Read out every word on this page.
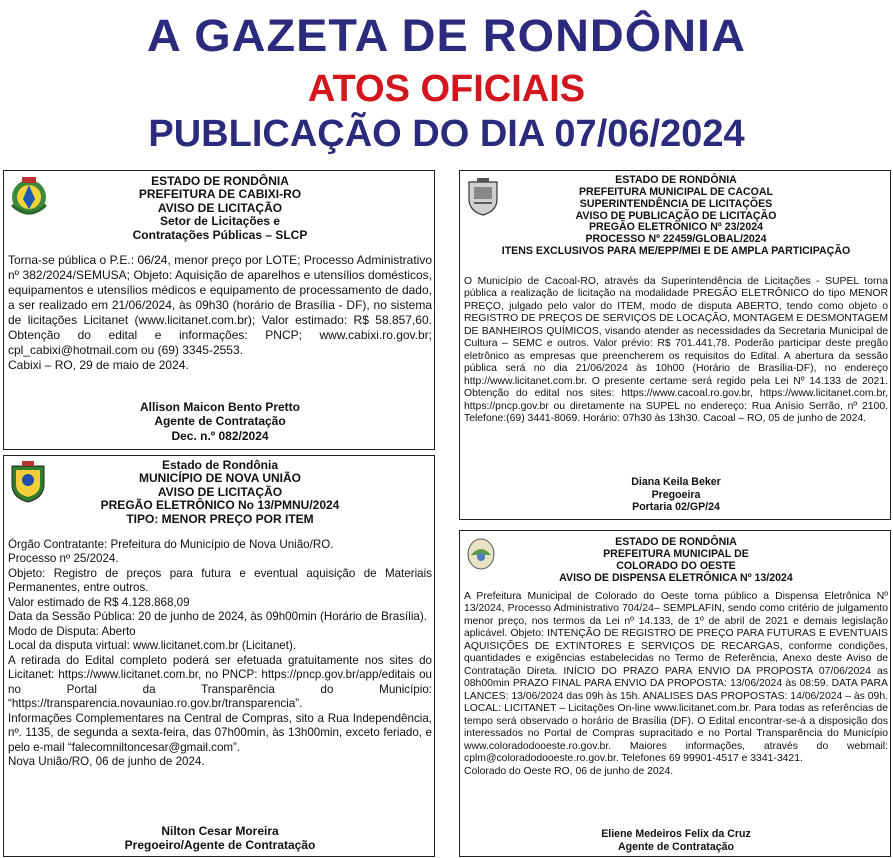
A GAZETA DE RONDÔNIA
ATOS OFICIAIS
PUBLICAÇÃO DO DIA 07/06/2024
ESTADO DE RONDÔNIA
PREFEITURA DE CABIXI-RO
AVISO DE LICITAÇÃO
Setor de Licitações e
Contratações Públicas – SLCP
Torna-se pública o P.E.: 06/24, menor preço por LOTE; Processo Administrativo nº 382/2024/SEMUSA; Objeto: Aquisição de aparelhos e utensílios domésticos, equipamentos e utensílios médicos e equipamento de processamento de dado, a ser realizado em 21/06/2024, às 09h30 (horário de Brasília - DF), no sistema de licitações Licitanet (www.licitanet.com.br); Valor estimado: R$ 58.857,60. Obtenção do edital e informações: PNCP; www.cabixi.ro.gov.br; cpl_cabixi@hotmail.com ou (69) 3345-2553.
Cabixi – RO, 29 de maio de 2024.
Allison Maicon Bento Pretto
Agente de Contratação
Dec. n.º 082/2024
Estado de Rondônia
MUNICÍPIO DE NOVA UNIÃO
AVISO DE LICITAÇÃO
PREGÃO ELETRÔNICO No 13/PMNU/2024
TIPO: MENOR PREÇO POR ITEM
Órgão Contratante: Prefeitura do Município de Nova União/RO.
Processo nº 25/2024.
Objeto: Registro de preços para futura e eventual aquisição de Materiais Permanentes, entre outros.
Valor estimado de R$ 4.128.868,09
Data da Sessão Pública: 20 de junho de 2024, às 09h00min (Horário de Brasília).
Modo de Disputa: Aberto
Local da disputa virtual: www.licitanet.com.br (Licitanet).
A retirada do Edital completo poderá ser efetuada gratuitamente nos sites do Licitanet: https://www.licitanet.com.br, no PNCP: https://pncp.gov.br/app/editais ou no Portal da Transparência do Município: “https://transparencia.novauniao.ro.gov.br/transparencia”.
Informações Complementares na Central de Compras, sito a Rua Independência, nº. 1135, de segunda a sexta-feira, das 07h00min, às 13h00min, exceto feriado, e pelo e-mail “falecomniltoncesar@gmail.com”.
Nova União/RO, 06 de junho de 2024.
Nilton Cesar Moreira
Pregoeiro/Agente de Contratação
ESTADO DE RONDÔNIA
PREFEITURA MUNICIPAL DE CACOAL
SUPERINTENDÊNCIA DE LICITAÇÕES
AVISO DE PUBLICAÇÃO DE LICITAÇÃO
PREGÃO ELETRÔNICO Nº 23/2024
PROCESSO Nº 22459/GLOBAL/2024
ITENS EXCLUSIVOS PARA ME/EPP/MEI E DE AMPLA PARTICIPAÇÃO
O Município de Cacoal-RO, através da Superintendência de Licitações - SUPEL torna pública a realização de licitação na modalidade PREGÃO ELETRÔNICO do tipo MENOR PREÇO, julgado pelo valor do ITEM, modo de disputa ABERTO, tendo como objeto o REGISTRO DE PREÇOS DE SERVIÇOS DE LOCAÇÃO, MONTAGEM E DESMONTAGEM DE BANHEIROS QUÍMICOS, visando atender as necessidades da Secretaria Municipal de Cultura – SEMC e outros. Valor prévio: R$ 701.441,78. Poderão participar deste pregão eletrônico as empresas que preencherem os requisitos do Edital. A abertura da sessão pública será no dia 21/06/2024 às 10h00 (Horário de Brasília-DF), no endereço http://www.licitanet.com.br. O presente certame será regido pela Lei Nº 14.133 de 2021. Obtenção do edital nos sites: https://www.cacoal.ro.gov.br, https://www.licitanet.com.br, https://pncp.gov.br ou diretamente na SUPEL no endereço: Rua Anísio Serrão, nº 2100. Telefone:(69) 3441-8069. Horário: 07h30 às 13h30. Cacoal – RO, 05 de junho de 2024.
Diana Keila Beker
Pregoeira
Portaria 02/GP/24
ESTADO DE RONDÔNIA
PREFEITURA MUNICIPAL DE
COLORADO DO OESTE
AVISO DE DISPENSA ELETRÔNICA Nº 13/2024
A Prefeitura Municipal de Colorado do Oeste torna público a Dispensa Eletrônica Nº 13/2024, Processo Administrativo 704/24– SEMPLAFIN, sendo como critério de julgamento menor preço, nos termos da Lei nº 14.133, de 1º de abril de 2021 e demais legislação aplicável. Objeto: INTENÇÃO DE REGISTRO DE PREÇO PARA FUTURAS E EVENTUAIS AQUISIÇÕES DE EXTINTORES E SERVIÇOS DE RECARGAS, conforme condições, quantidades e exigências estabelecidas no Termo de Referência, Anexo deste Aviso de Contratação Direta. INÍCIO DO PRAZO PARA ENVIO DA PROPOSTA 07/06/2024 as 08h00min PRAZO FINAL PARA ENVIO DA PROPOSTA: 13/06/2024 às 08:59. DATA PARA LANCES: 13/06/2024 das 09h às 15h. ANALISES DAS PROPOSTAS: 14/06/2024 – às 09h. LOCAL: LICITANET – Licitações On-line www.licitanet.com.br. Para todas as referências de tempo será observado o horário de Brasília (DF). O Edital encontrar-se-á a disposição dos interessados no Portal de Compras supracitado e no Portal Transparência do Município www.coloradodooeste.ro.gov.br. Maiores informações, através do webmail: cplm@coloradodooeste.ro.gov.br. Telefones 69 99901-4517 e 3341-3421.
Colorado do Oeste RO, 06 de junho de 2024.
Eliene Medeiros Felix da Cruz
Agente de Contratação
